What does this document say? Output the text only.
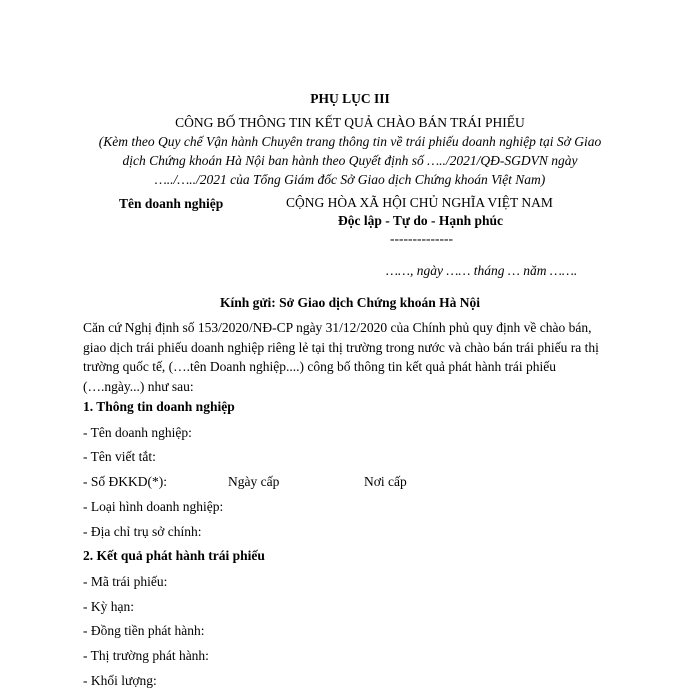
PHỤ LỤC III
CÔNG BỐ THÔNG TIN KẾT QUẢ CHÀO BÁN TRÁI PHIẾU
(Kèm theo Quy chế Vận hành Chuyên trang thông tin về trái phiếu doanh nghiệp tại Sở Giao
dịch Chứng khoán Hà Nội ban hành theo Quyết định số …../2021/QĐ-SGDVN ngày
…../…../2021 của Tổng Giám đốc Sở Giao dịch Chứng khoán Việt Nam)
Tên doanh nghiệp	CỘNG HÒA XÃ HỘI CHỦ NGHĨA VIỆT NAM
Độc lập - Tự do - Hạnh phúc
--------------
……, ngày …… tháng … năm …….
Kính gửi: Sở Giao dịch Chứng khoán Hà Nội
Căn cứ Nghị định số 153/2020/NĐ-CP ngày 31/12/2020 của Chính phủ quy định về chào bán,
giao dịch trái phiếu doanh nghiệp riêng lẻ tại thị trường trong nước và chào bán trái phiếu ra thị
trường quốc tế, (….tên Doanh nghiệp....) công bố thông tin kết quả phát hành trái phiếu
(….ngày...) như sau:
1. Thông tin doanh nghiệp
- Tên doanh nghiệp:
- Tên viết tắt:
- Số ĐKKD(*):	Ngày cấp	Nơi cấp
- Loại hình doanh nghiệp:
- Địa chỉ trụ sở chính:
2. Kết quả phát hành trái phiếu
- Mã trái phiếu:
- Kỳ hạn:
- Đồng tiền phát hành:
- Thị trường phát hành:
- Khối lượng:
